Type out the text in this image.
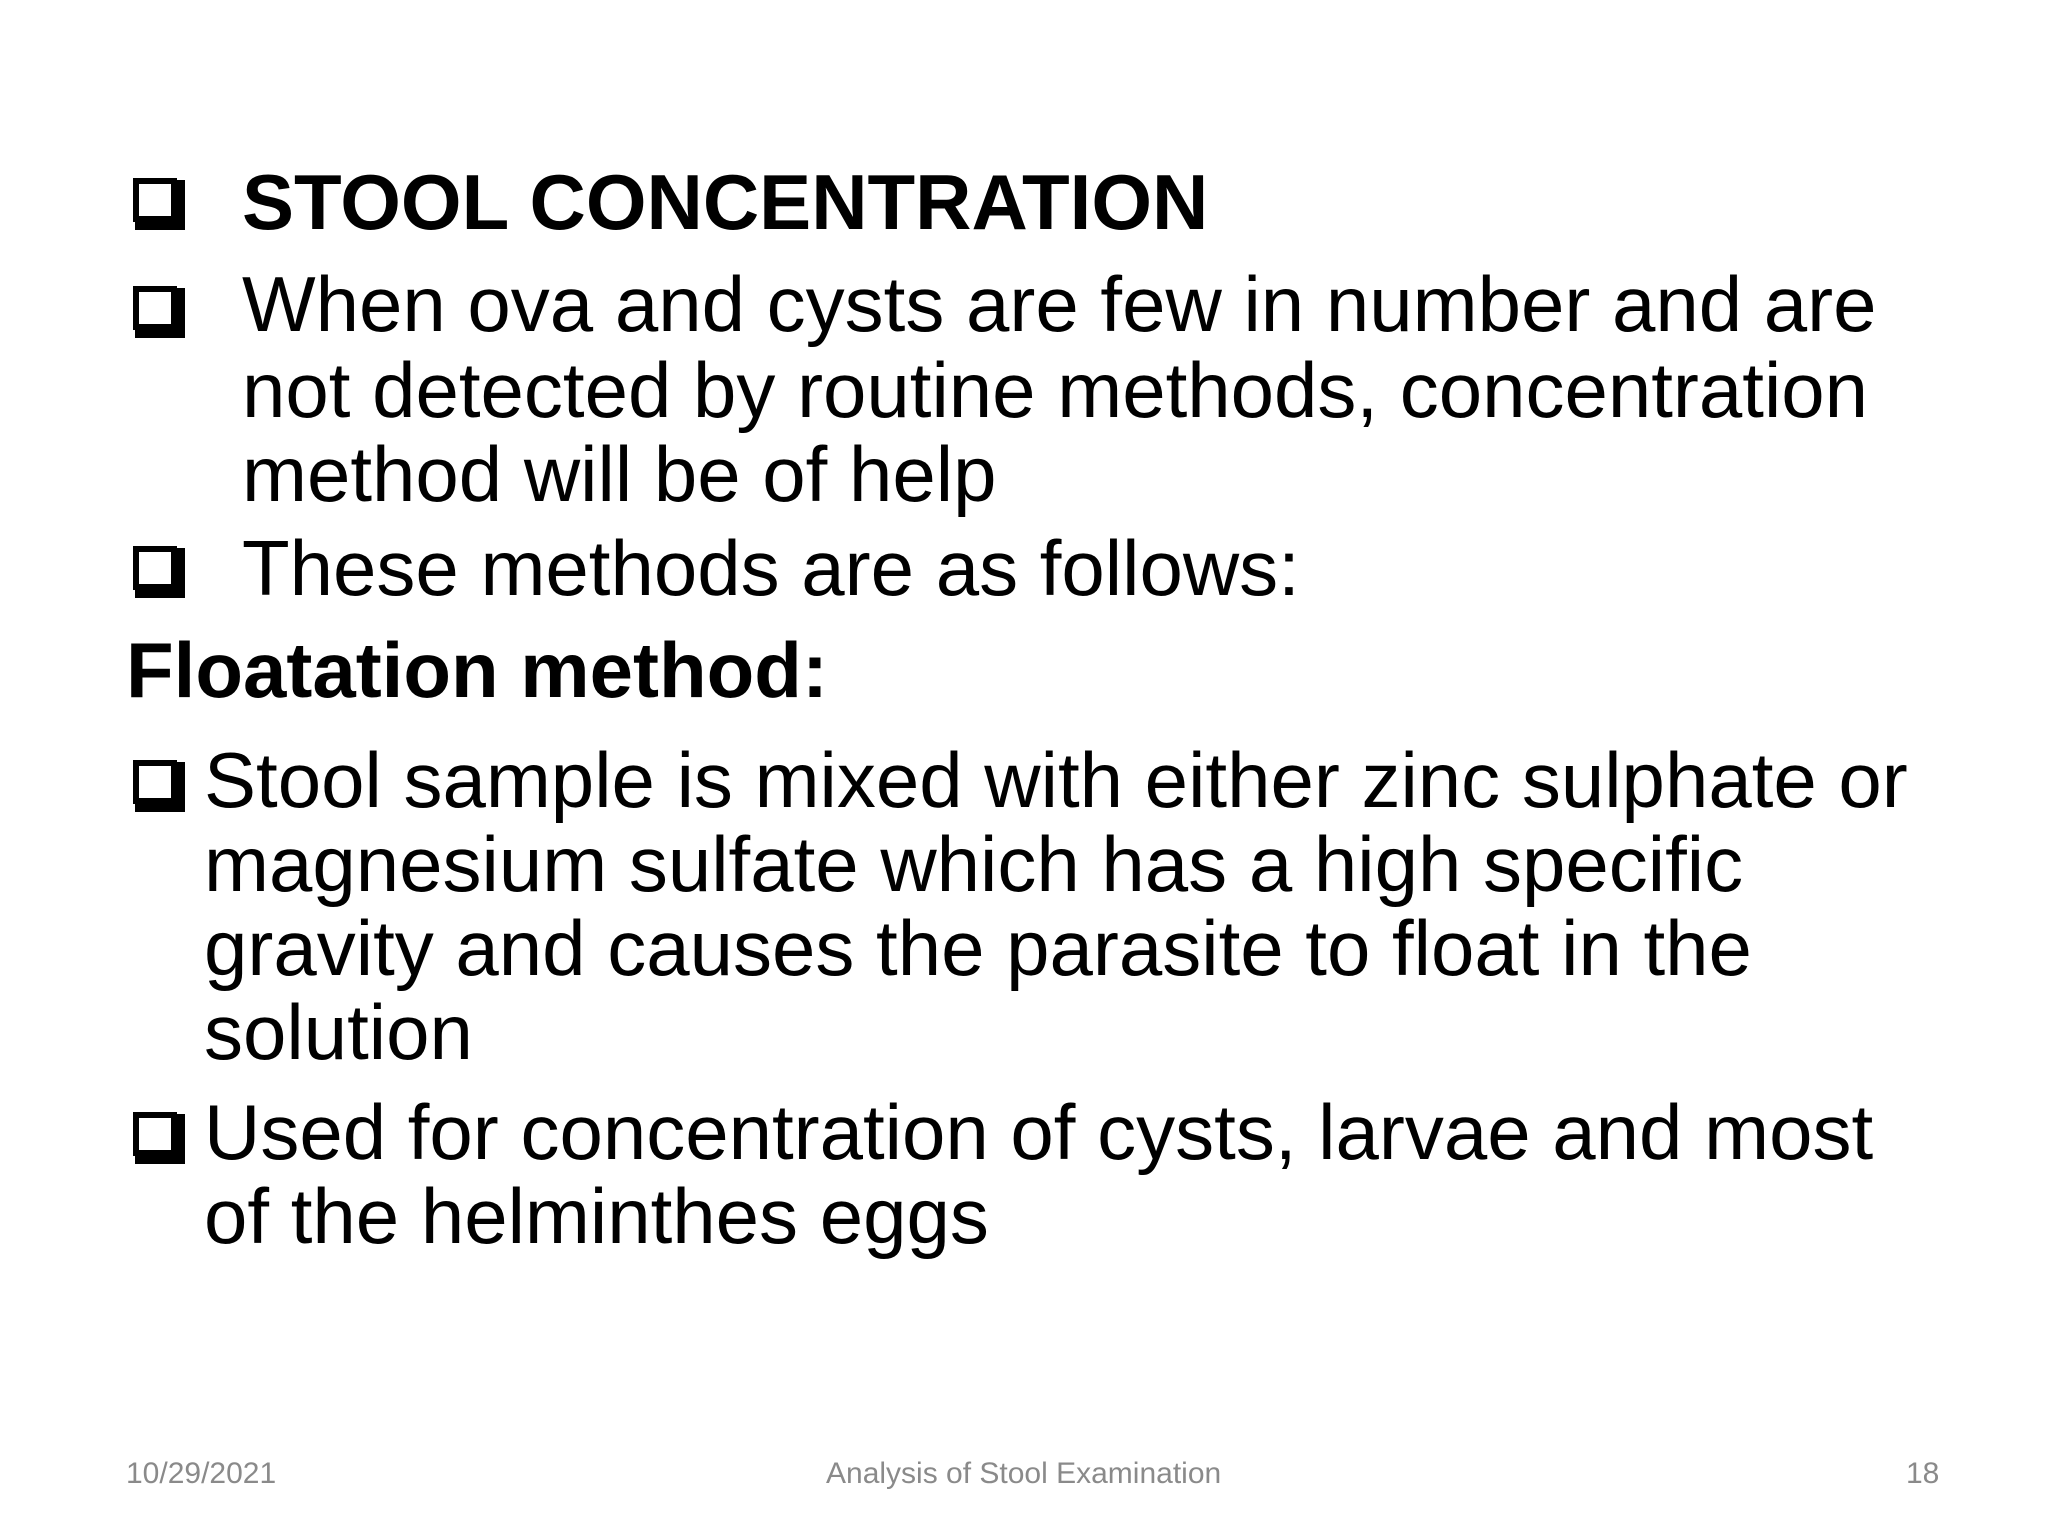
STOOL CONCENTRATION
When ova and cysts are few in number and are
not detected by routine methods, concentration
method will be of help
These methods are as follows:
Floatation method:
Stool sample is mixed with either zinc sulphate or
magnesium sulfate which has a high specific
gravity and causes the parasite to float in the
solution
Used for concentration of cysts, larvae and most
of the helminthes eggs
10/29/2021	Analysis of Stool Examination	18
